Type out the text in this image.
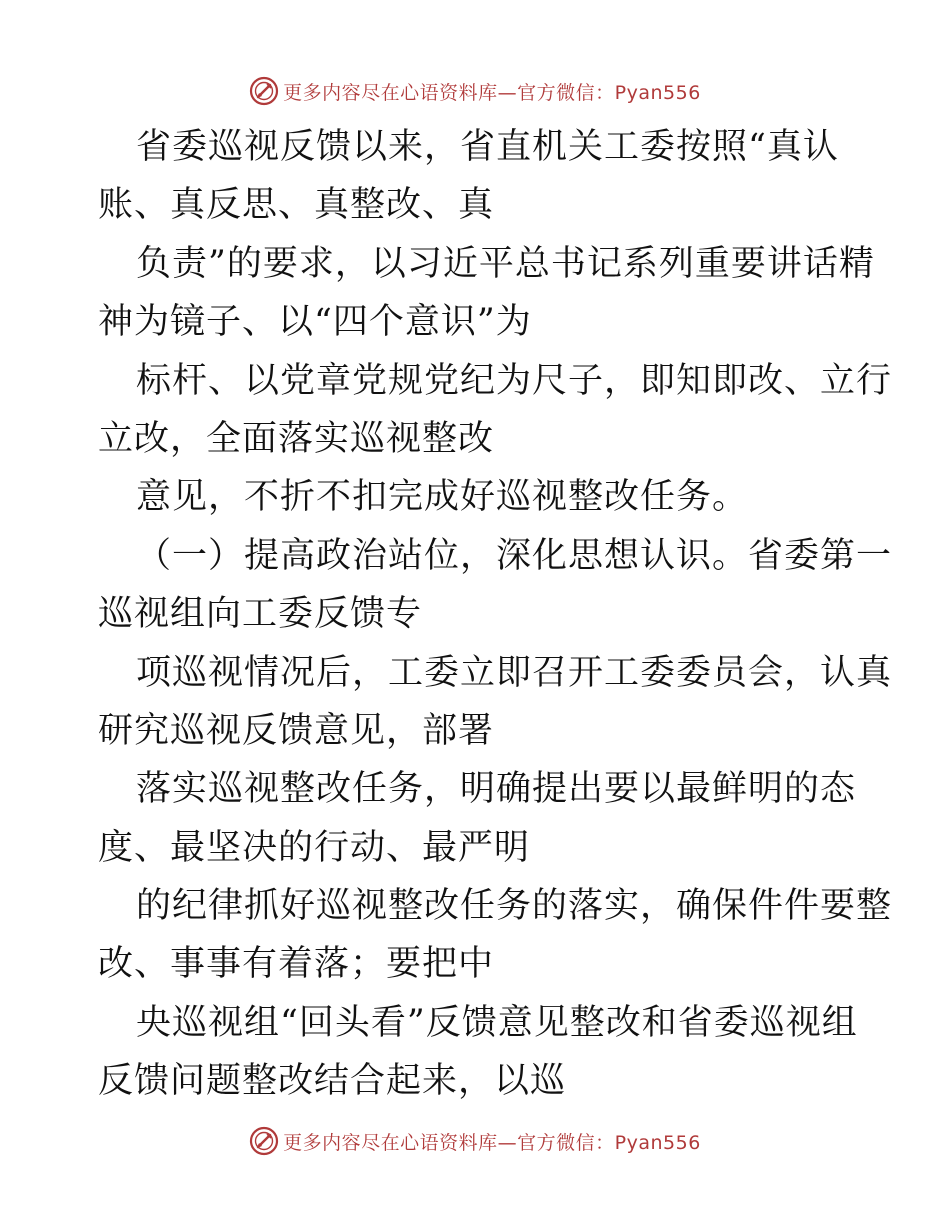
更多内容尽在心语资料库—官方微信：Pyan556
省委巡视反馈以来，省直机关工委按照“真认
账、真反思、真整改、真
负责”的要求，以习近平总书记系列重要讲话精
神为镜子、以“四个意识”为
标杆、以党章党规党纪为尺子，即知即改、立行
立改，全面落实巡视整改
意见，不折不扣完成好巡视整改任务。
（一）提高政治站位，深化思想认识。省委第一
巡视组向工委反馈专
项巡视情况后，工委立即召开工委委员会，认真
研究巡视反馈意见，部署
落实巡视整改任务，明确提出要以最鲜明的态
度、最坚决的行动、最严明
的纪律抓好巡视整改任务的落实，确保件件要整
改、事事有着落；要把中
央巡视组“回头看”反馈意见整改和省委巡视组
反馈问题整改结合起来，以巡
更多内容尽在心语资料库—官方微信：Pyan556
